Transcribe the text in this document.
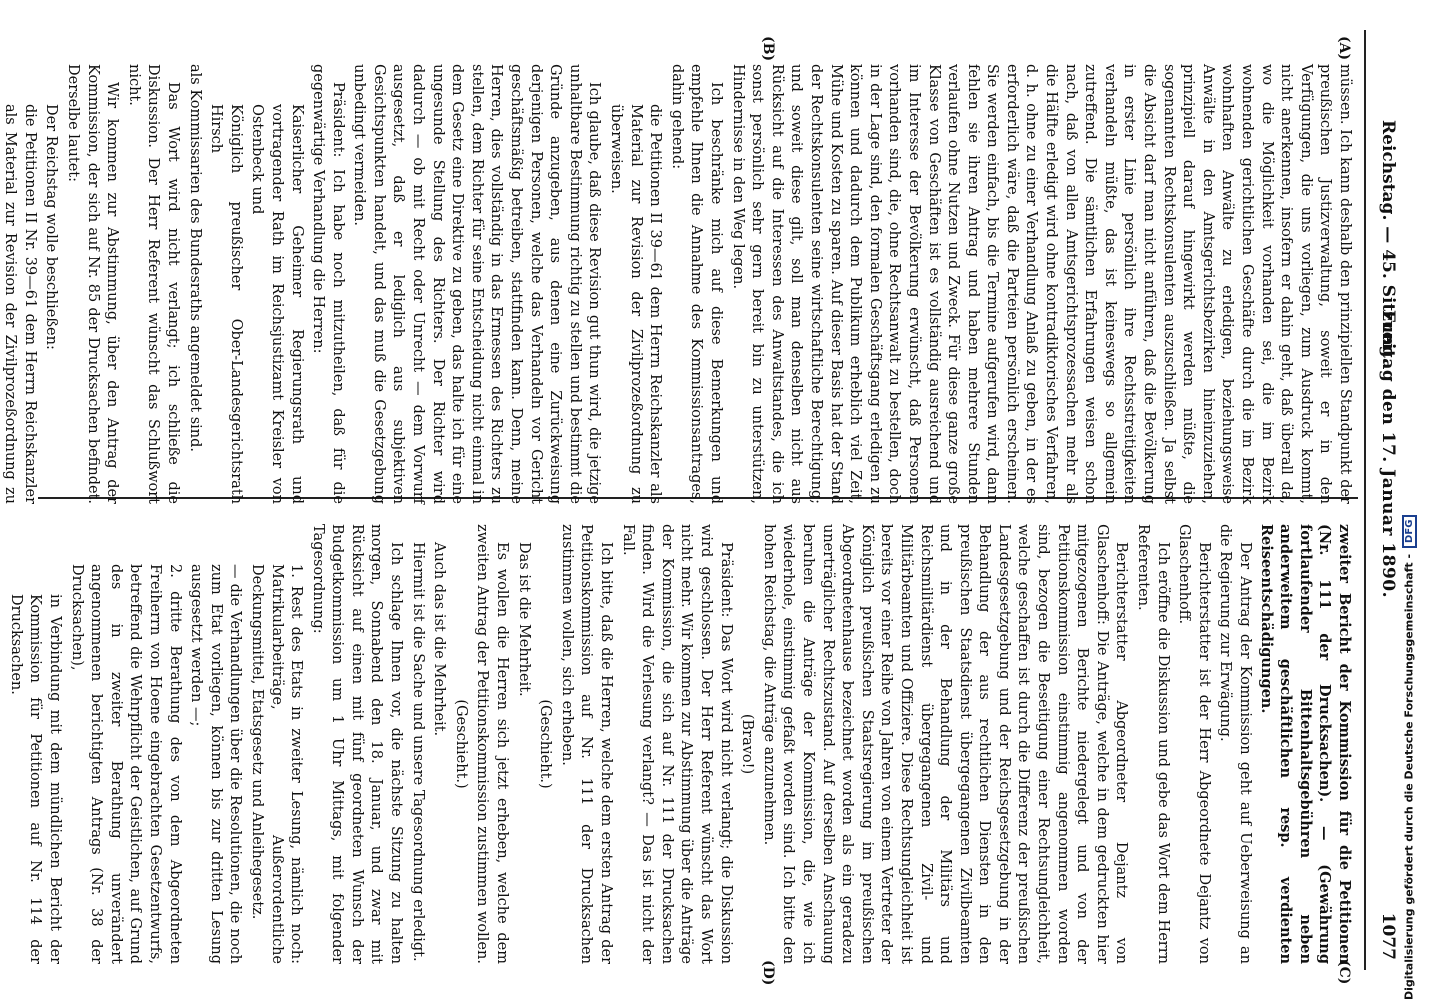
Reichstag. — 45. Sitzung.
Freitag den 17. Januar 1890.
1077
(A)
(B)
(C)
(D)

müssen. Ich kann deshalb den prinzipiellen Standpunkt der preußischen Justizverwaltung, soweit er in den Verfügungen, die uns vorliegen, zum Ausdruck kommt, nicht anerkennen, insofern er dahin geht, daß überall da, wo die Möglichkeit vorhanden sei, die im Bezirk wohnenden gerichtlichen Geschäfte durch die im Bezirk wohnhaften Anwälte zu erledigen, beziehungsweise Anwälte in den Amtsgerichtsbezirken hineinzuziehen, prinzipiell darauf hingewirkt werden müßte, die sogenannten Rechtskonsulenten auszuschließen. Ja selbst die Absicht darf man nicht anführen, daß die Bevölkerung in erster Linie persönlich ihre Rechtsstreitigkeiten verhandeln müßte, das ist keineswegs so allgemein zutreffend. Die sämtlichen Erfahrungen weisen schon nach, daß von allen Amtsgerichtsprozessachen mehr als die Hälfte erledigt wird ohne kontradiktorisches Verfahren, d. h. ohne zu einer Verhandlung Anlaß zu geben, in der es erforderlich wäre, daß die Parteien persönlich erscheinen. Sie werden einfach, bis die Termine aufgerufen wird, dann fehlen sie ihren Antrag und haben mehrere Stunden verlaufen ohne Nutzen und Zweck. Für diese ganze große Klasse von Geschäften ist es vollständig ausreichend und im Interesse der Bevölkerung erwünscht, daß Personen vorhanden sind, die, ohne Rechtsanwalt zu bestellen, doch in der Lage sind, den formalen Geschäftsgang erledigen zu können und dadurch dem Publikum erheblich viel Zeit, Mühe und Kosten zu sparen. Auf dieser Basis hat der Stand der Rechtskonsulenten seine wirtschaftliche Berechtigung; und soweit diese gilt, soll man denselben nicht aus Rücksicht auf die Interessen des Anwaltstandes, die ich sonst persönlich sehr gern bereit bin zu unterstützen, Hindernisse in den Weg legen.

Ich beschränke mich auf diese Bemerkungen und empfehle Ihnen die Annahme des Kommissionsantrages, dahin gehend:

die Petitionen II 39—61 dem Herrn Reichskanzler als Material zur Revision der Zivilprozeßordnung zu überweisen.

Ich glaube, daß diese Revision gut thun wird, die jetzige unhaltbare Bestimmung richtig zu stellen und bestimmt die Gründe anzugeben, aus denen eine Zurückweisung derjenigen Personen, welche das Verhandeln vor Gericht geschäftsmäßig betreiben, stattfinden kann. Denn, meine Herren, dies vollständig in das Ermessen des Richters zu stellen, dem Richter für seine Entscheidung nicht einmal in dem Gesetz eine Direktive zu geben, das halte ich für eine ungesunde Stellung des Richters. Der Richter wird dadurch — ob mit Recht oder Unrecht — dem Vorwurf ausgesetzt, daß er lediglich aus subjektiven Gesichtspunkten handelt, und das muß die Gesetzgebung unbedingt vermeiden.

Präsident: Ich habe noch mitzutheilen, daß für die gegenwärtige Verhandlung die Herren:

Kaiserlicher Geheimer Regierungsrath und vortragender Rath im Reichsjustizamt Kreisler von Ostenbeck und

Königlich preußischer Ober-Landesgerichtsrath Hirsch

als Kommissarien des Bundesraths angemeldet sind.

Das Wort wird nicht verlangt; ich schließe die Diskussion. Der Herr Referent wünscht das Schlußwort nicht.

Wir kommen zur Abstimmung, über den Antrag der Kommission, der sich auf Nr. 85 der Drucksachen befindet. Derselbe lautet:

Der Reichstag wolle beschließen:

die Petitionen II Nr. 39—61 dem Herrn Reichskanzler als Material zur Revision der Zivilprozeßordnung zu

zweiter Bericht der Kommission für die Petitionen (Nr. 111 der Drucksachen). — (Gewährung fortlaufender Bittenhaltsgebühren neben anderweitem geschäftlichen resp. verdienten Reiseentschädigungen.

Der Antrag der Kommission geht auf Ueberweisung an die Regierung zur Erwägung.

Berichterstatter ist der Herr Abgeordnete Dejantz von Glaschenhoff.

Ich eröffne die Diskussion und gebe das Wort dem Herrn Referenten.

Berichterstatter Abgeordneter Dejantz von Glaschenhoff: Die Anträge, welche in dem gedruckten hier mitgezogenen Berichte niedergelegt und von der Petitionskommission einstimmig angenommen worden sind, bezogen die Beseitigung einer Rechtsungleichheit, welche geschaffen ist durch die Differenz der preußischen Landesgesetzgebung und der Reichsgesetzgebung in der Behandlung der aus rechtlichen Diensten in den preußischen Staatsdienst übergegangenen Zivilbeamten und in der Behandlung der Militärs und Reichsmilitärdienst übergegangenen Zivil- und Militärbeamten und Offiziere. Diese Rechtsungleichheit ist bereits vor einer Reihe von Jahren von einem Vertreter der Königlich preußischen Staatsregierung im preußischen Abgeordnetenhause bezeichnet worden als ein geradezu unerträglicher Rechtszustand. Auf derselben Anschauung beruhen die Anträge der Kommission, die, wie ich wiederhole, einstimmig gefaßt worden sind. Ich bitte den hohen Reichstag, die Anträge anzunehmen.

(Bravo!)

Präsident: Das Wort wird nicht verlangt; die Diskussion wird geschlossen. Der Herr Referent wünscht das Wort nicht mehr. Wir kommen zur Abstimmung über die Anträge der Kommission, die sich auf Nr. 111 der Drucksachen finden. Wird die Verlesung verlangt? — Das ist nicht der Fall.

Ich bitte, daß die Herren, welche dem ersten Antrag der Petitionskommission auf Nr. 111 der Drucksachen zustimmen wollen, sich erheben.

(Geschieht.)

Das ist die Mehrheit.

Es wollen die Herren sich jetzt erheben, welche dem zweiten Antrag der Petitionskommission zustimmen wollen.

(Geschieht.)

Auch das ist die Mehrheit.

Hiermit ist die Sache und unsere Tagesordnung erledigt.

Ich schlage Ihnen vor, die nächste Sitzung zu halten morgen, Sonnabend den 18. Januar, und zwar mit Rücksicht auf einen mit fünf geordneten Wunsch der Budgetkommission um 1 Uhr Mittags, mit folgender Tagesordnung:

1. Rest des Etats in zweiter Lesung, nämlich noch: Matrikularbeiträge, Außerordentliche Deckungsmittel, Etatsgesetz und Anleihegesetz.

— die Verhandlungen über die Resolutionen, die noch zum Etat vorliegen, können bis zur dritten Lesung ausgesetzt werden —;

2. dritte Berathung des von dem Abgeordneten Freiherrn von Hoene eingebrachten Gesetzentwurfs, betreffend die Wehrpflicht der Geistlichen, auf Grund des in zweiter Berathung unverändert angenommenen berichtigten Antrags (Nr. 38 der Drucksachen),

in Verbindung mit dem mündlichen Bericht der Kommission für Petitionen auf Nr. 114 der Drucksachen.	Digitalisierung gefördert durch die Deutsche Forschungsgemeinschaft -DFG
